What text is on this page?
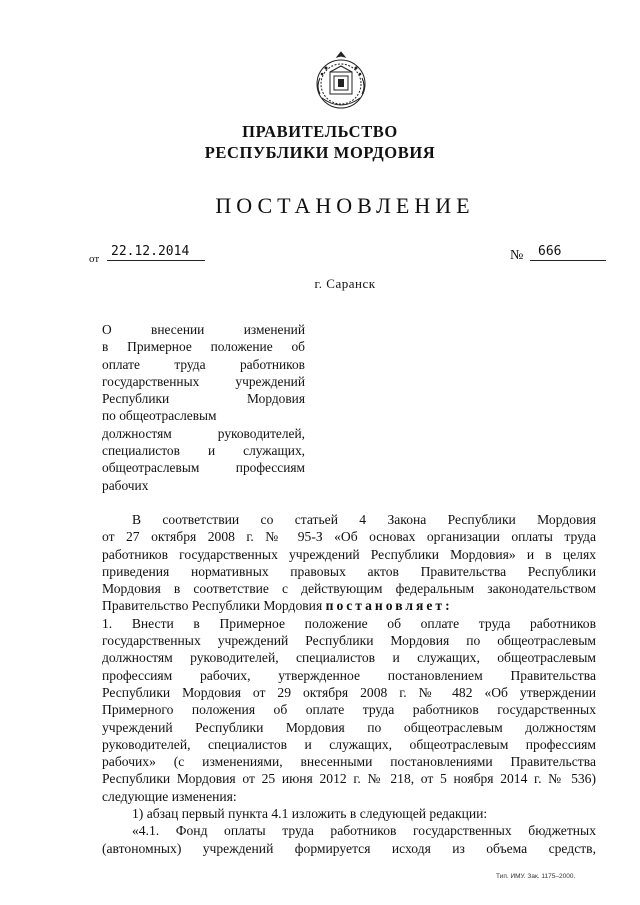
ПРАВИТЕЛЬСТВО
РЕСПУБЛИКИ МОРДОВИЯ
ПОСТАНОВЛЕНИЕ
от 22.12.2014	№	666
г. Саранск
О внесении изменений
в Примерное положение об
оплате труда работников
государственных учреждений
Республики Мордовия
по общеотраслевым
должностям руководителей,
специалистов и служащих,
общеотраслевым профессиям
рабочих
В соответствии со статьей 4 Закона Республики Мордовия
от 27 октября 2008 г. № 95-З «Об основах организации оплаты труда
работников государственных учреждений Республики Мордовия» и в целях
приведения нормативных правовых актов Правительства Республики
Мордовия в соответствие с действующим федеральным законодательством
Правительство Республики Мордовия постановляет:
1. Внести в Примерное положение об оплате труда работников
государственных учреждений Республики Мордовия по общеотраслевым
должностям руководителей, специалистов и служащих, общеотраслевым
профессиям рабочих, утвержденное постановлением Правительства
Республики Мордовия от 29 октября 2008 г. № 482 «Об утверждении
Примерного положения об оплате труда работников государственных
учреждений Республики Мордовия по общеотраслевым должностям
руководителей, специалистов и служащих, общеотраслевым профессиям
рабочих» (с изменениями, внесенными постановлениями Правительства
Республики Мордовия от 25 июня 2012 г. № 218, от 5 ноября 2014 г. № 536)
следующие изменения:
1) абзац первый пункта 4.1 изложить в следующей редакции:
«4.1. Фонд оплаты труда работников государственных бюджетных
(автономных) учреждений формируется исходя из объема средств,
Тип. ИМУ. Зак. 1175–2000.
